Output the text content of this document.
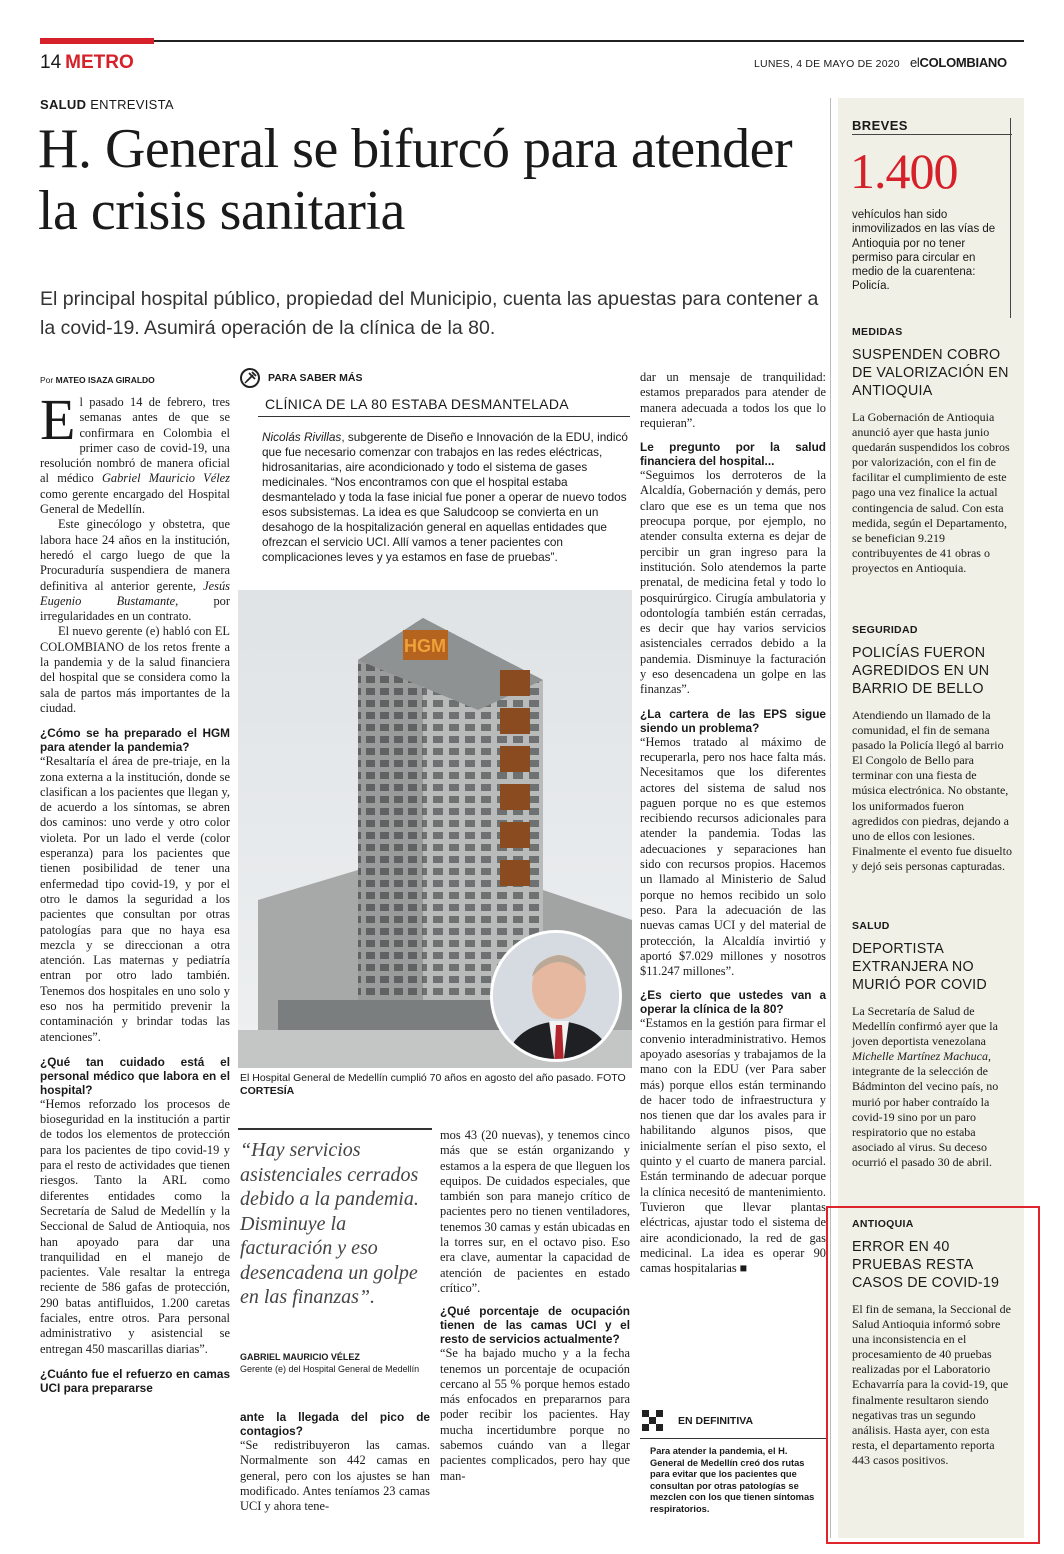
14 METRO	LUNES, 4 DE MAYO DE 2020 elCOLOMBIANO
SALUD ENTREVISTA
H. General se bifurcó para atender la crisis sanitaria
El principal hospital público, propiedad del Municipio, cuenta las apuestas para contener a la covid-19. Asumirá operación de la clínica de la 80.
Por MATEO ISAZA GIRALDO

El pasado 14 de febrero, tres semanas antes de que se confirmara en Colombia el primer caso de covid-19, una resolución nombró de manera oficial al médico Gabriel Mauricio Vélez como gerente encargado del Hospital General de Medellín.

Este ginecólogo y obstetra, que labora hace 24 años en la institución, heredó el cargo luego de que la Procuraduría suspendiera de manera definitiva al anterior gerente, Jesús Eugenio Bustamante, por irregularidades en un contrato.

El nuevo gerente (e) habló con EL COLOMBIANO de los retos frente a la pandemia y de la salud financiera del hospital que se considera como la sala de partos más importantes de la ciudad.

¿Cómo se ha preparado el HGM para atender la pandemia?

“Resaltaría el área de pre-triaje, en la zona externa a la institución, donde se clasifican a los pacientes que llegan y, de acuerdo a los síntomas, se abren dos caminos: uno verde y otro color violeta. Por un lado el verde (color esperanza) para los pacientes que tienen posibilidad de tener una enfermedad tipo covid-19, y por el otro le damos la seguridad a los pacientes que consultan por otras patologías para que no haya esa mezcla y se direccionan a otra atención. Las maternas y pediatría entran por otro lado también. Tenemos dos hospitales en uno solo y eso nos ha permitido prevenir la contaminación y brindar todas las atenciones”.

¿Qué tan cuidado está el personal médico que labora en el hospital?

“Hemos reforzado los procesos de bioseguridad en la institución a partir de todos los elementos de protección para los pacientes de tipo covid-19 y para el resto de actividades que tienen riesgos. Tanto la ARL como diferentes entidades como la Secretaría de Salud de Medellín y la Seccional de Salud de Antioquia, nos han apoyado para dar una tranquilidad en el manejo de pacientes. Vale resaltar la entrega reciente de 586 gafas de protección, 290 batas antifluidos, 1.200 caretas faciales, entre otros. Para personal administrativo y asistencial se entregan 450 mascarillas diarias”.

¿Cuánto fue el refuerzo en camas UCI para prepararse

PARA SABER MÁS
CLÍNICA DE LA 80 ESTABA DESMANTELADA
Nicolás Rivillas, subgerente de Diseño e Innovación de la EDU, indicó que fue necesario comenzar con trabajos en las redes eléctricas, hidrosanitarias, aire acondicionado y todo el sistema de gases medicinales. “Nos encontramos con que el hospital estaba desmantelado y toda la fase inicial fue poner a operar de nuevo todos esos subsistemas. La idea es que Saludcoop se convierta en un desahogo de la hospitalización general en aquellas entidades que ofrezcan el servicio UCI. Allí vamos a tener pacientes con complicaciones leves y ya estamos en fase de pruebas”.
HGM
El Hospital General de Medellín cumplió 70 años en agosto del año pasado. FOTO CORTESÍA
“Hay servicios asistenciales cerrados debido a la pandemia. Disminuye la facturación y eso desencadena un golpe en las finanzas”.
GABRIEL MAURICIO VÉLEZ
Gerente (e) del Hospital General de Medellín

ante la llegada del pico de contagios?

“Se redistribuyeron las camas. Normalmente son 442 camas en general, pero con los ajustes se han modificado. Antes teníamos 23 camas UCI y ahora tene-

mos 43 (20 nuevas), y tenemos cinco más que se están organizando y estamos a la espera de que lleguen los equipos. De cuidados especiales, que también son para manejo crítico de pacientes pero no tienen ventiladores, tenemos 30 camas y están ubicadas en la torres sur, en el octavo piso. Eso era clave, aumentar la capacidad de atención de pacientes en estado crítico”.

¿Qué porcentaje de ocupación tienen de las camas UCI y el resto de servicios actualmente?

“Se ha bajado mucho y a la fecha tenemos un porcentaje de ocupación cercano al 55 % porque hemos estado más enfocados en prepararnos para poder recibir los pacientes. Hay mucha incertidumbre porque no sabemos cuándo van a llegar pacientes complicados, pero hay que man-

dar un mensaje de tranquilidad: estamos preparados para atender de manera adecuada a todos los que lo requieran”.

Le pregunto por la salud financiera del hospital...

“Seguimos los derroteros de la Alcaldía, Gobernación y demás, pero claro que ese es un tema que nos preocupa porque, por ejemplo, no atender consulta externa es dejar de percibir un gran ingreso para la institución. Solo atendemos la parte prenatal, de medicina fetal y todo lo posquirúrgico. Cirugía ambulatoria y odontología también están cerradas, es decir que hay varios servicios asistenciales cerrados debido a la pandemia. Disminuye la facturación y eso desencadena un golpe en las finanzas”.

¿La cartera de las EPS sigue siendo un problema?

“Hemos tratado al máximo de recuperarla, pero nos hace falta más. Necesitamos que los diferentes actores del sistema de salud nos paguen porque no es que estemos recibiendo recursos adicionales para atender la pandemia. Todas las adecuaciones y separaciones han sido con recursos propios. Hacemos un llamado al Ministerio de Salud porque no hemos recibido un solo peso. Para la adecuación de las nuevas camas UCI y del material de protección, la Alcaldía invirtió y aportó $7.029 millones y nosotros $11.247 millones”.

¿Es cierto que ustedes van a operar la clínica de la 80?

“Estamos en la gestión para firmar el convenio interadministrativo. Hemos apoyado asesorías y trabajamos de la mano con la EDU (ver Para saber más) porque ellos están terminando de hacer todo de infraestructura y nos tienen que dar los avales para ir habilitando algunos pisos, que inicialmente serían el piso sexto, el quinto y el cuarto de manera parcial. Están terminando de adecuar porque la clínica necesitó de mantenimiento. Tuvieron que llevar plantas eléctricas, ajustar todo el sistema de aire acondicionado, la red de gas medicinal. La idea es operar 90 camas hospitalarias ■

EN DEFINITIVA
Para atender la pandemia, el H. General de Medellín creó dos rutas para evitar que los pacientes que consultan por otras patologías se mezclen con los que tienen síntomas respiratorios.
BREVES
1.400
vehículos han sido inmovilizados en las vías de Antioquia por no tener permiso para circular en medio de la cuarentena: Policía.
MEDIDAS
SUSPENDEN COBRO DE VALORIZACIÓN EN ANTIOQUIA
La Gobernación de Antioquia anunció ayer que hasta junio quedarán suspendidos los cobros por valorización, con el fin de facilitar el cumplimiento de este pago una vez finalice la actual contingencia de salud. Con esta medida, según el Departamento, se benefician 9.219 contribuyentes de 41 obras o proyectos en Antioquia.
SEGURIDAD
POLICÍAS FUERON AGREDIDOS EN UN BARRIO DE BELLO
Atendiendo un llamado de la comunidad, el fin de semana pasado la Policía llegó al barrio El Congolo de Bello para terminar con una fiesta de música electrónica. No obstante, los uniformados fueron agredidos con piedras, dejando a uno de ellos con lesiones. Finalmente el evento fue disuelto y dejó seis personas capturadas.
SALUD
DEPORTISTA EXTRANJERA NO MURIÓ POR COVID
La Secretaría de Salud de Medellín confirmó ayer que la joven deportista venezolana Michelle Martínez Machuca, integrante de la selección de Bádminton del vecino país, no murió por haber contraído la covid-19 sino por un paro respiratorio que no estaba asociado al virus. Su deceso ocurrió el pasado 30 de abril.
ANTIOQUIA
ERROR EN 40 PRUEBAS RESTA CASOS DE COVID-19
El fin de semana, la Seccional de Salud Antioquia informó sobre una inconsistencia en el procesamiento de 40 pruebas realizadas por el Laboratorio Echavarría para la covid-19, que finalmente resultaron siendo negativas tras un segundo análisis. Hasta ayer, con esta resta, el departamento reporta 443 casos positivos.
